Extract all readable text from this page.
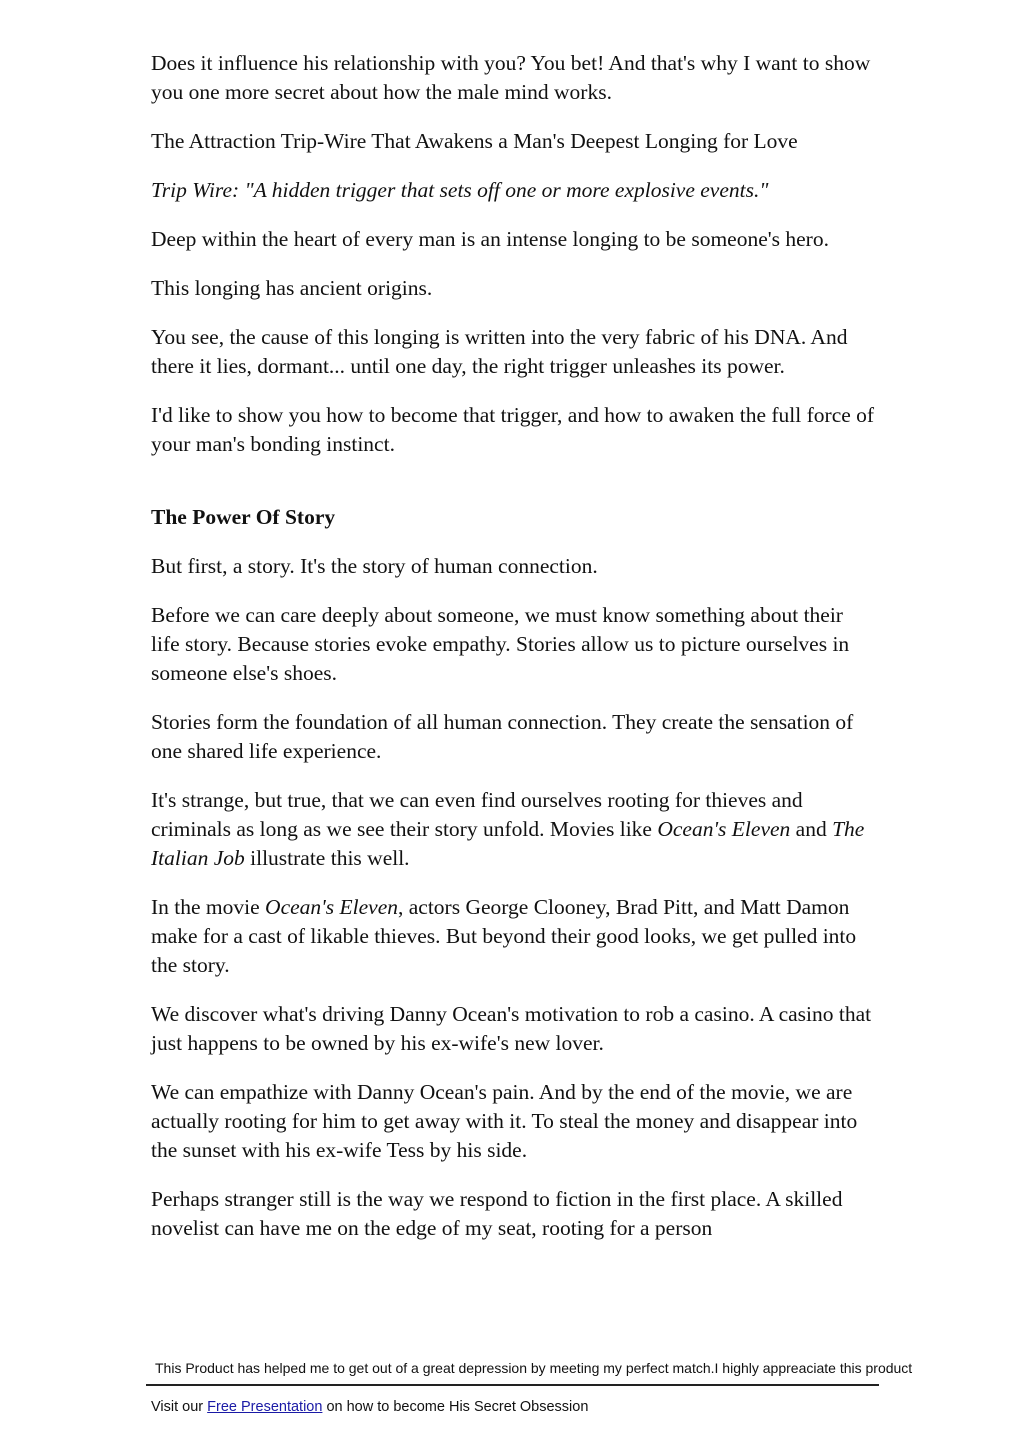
Does it influence his relationship with you? You bet! And that's why I want to show you one more secret about how the male mind works.

The Attraction Trip-Wire That Awakens a Man's Deepest Longing for Love

Trip Wire: "A hidden trigger that sets off one or more explosive events."

Deep within the heart of every man is an intense longing to be someone's hero.

This longing has ancient origins.

You see, the cause of this longing is written into the very fabric of his DNA. And there it lies, dormant... until one day, the right trigger unleashes its power.

I'd like to show you how to become that trigger, and how to awaken the full force of your man's bonding instinct.

The Power Of Story

But first, a story. It's the story of human connection.

Before we can care deeply about someone, we must know something about their life story. Because stories evoke empathy. Stories allow us to picture ourselves in someone else's shoes.

Stories form the foundation of all human connection. They create the sensation of one shared life experience.

It's strange, but true, that we can even find ourselves rooting for thieves and criminals as long as we see their story unfold. Movies like Ocean's Eleven and The Italian Job illustrate this well.

In the movie Ocean's Eleven, actors George Clooney, Brad Pitt, and Matt Damon make for a cast of likable thieves. But beyond their good looks, we get pulled into the story.

We discover what's driving Danny Ocean's motivation to rob a casino. A casino that just happens to be owned by his ex-wife's new lover.

We can empathize with Danny Ocean's pain. And by the end of the movie, we are actually rooting for him to get away with it. To steal the money and disappear into the sunset with his ex-wife Tess by his side.

Perhaps stranger still is the way we respond to fiction in the first place. A skilled novelist can have me on the edge of my seat, rooting for a person

This Product has helped me to get out of a great depression by meeting my perfect match.I highly appreaciate this product
Visit our Free Presentation on how to become His Secret Obsession
